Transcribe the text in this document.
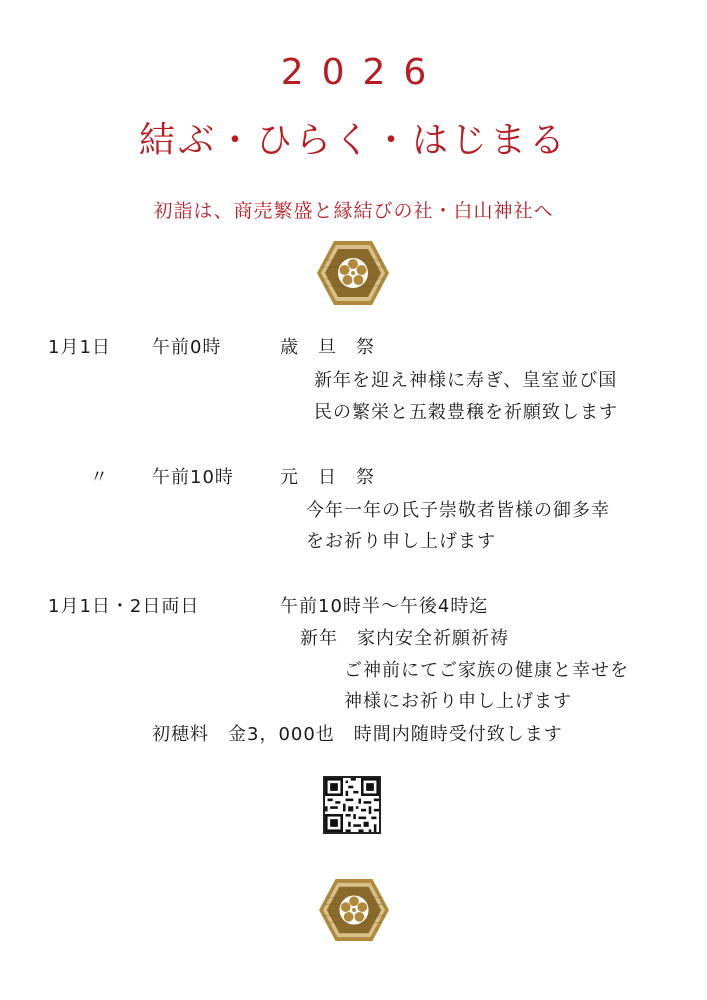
2026
結ぶ・ひらく・はじまる
初詣は、商売繁盛と縁結びの社・白山神社へ
1月1日 午前0時	歳　旦　祭
新年を迎え神様に寿ぎ、皇室並び国
民の繁栄と五穀豊穣を祈願致します
〃 午前10時	元　日　祭
今年一年の氏子崇敬者皆様の御多幸
をお祈り申し上げます
1月1日・2日両日	午前10時半～午後4時迄
新年　家内安全祈願祈祷
ご神前にてご家族の健康と幸せを
神様にお祈り申し上げます
初穂料　金3，000也　時間内随時受付致します
